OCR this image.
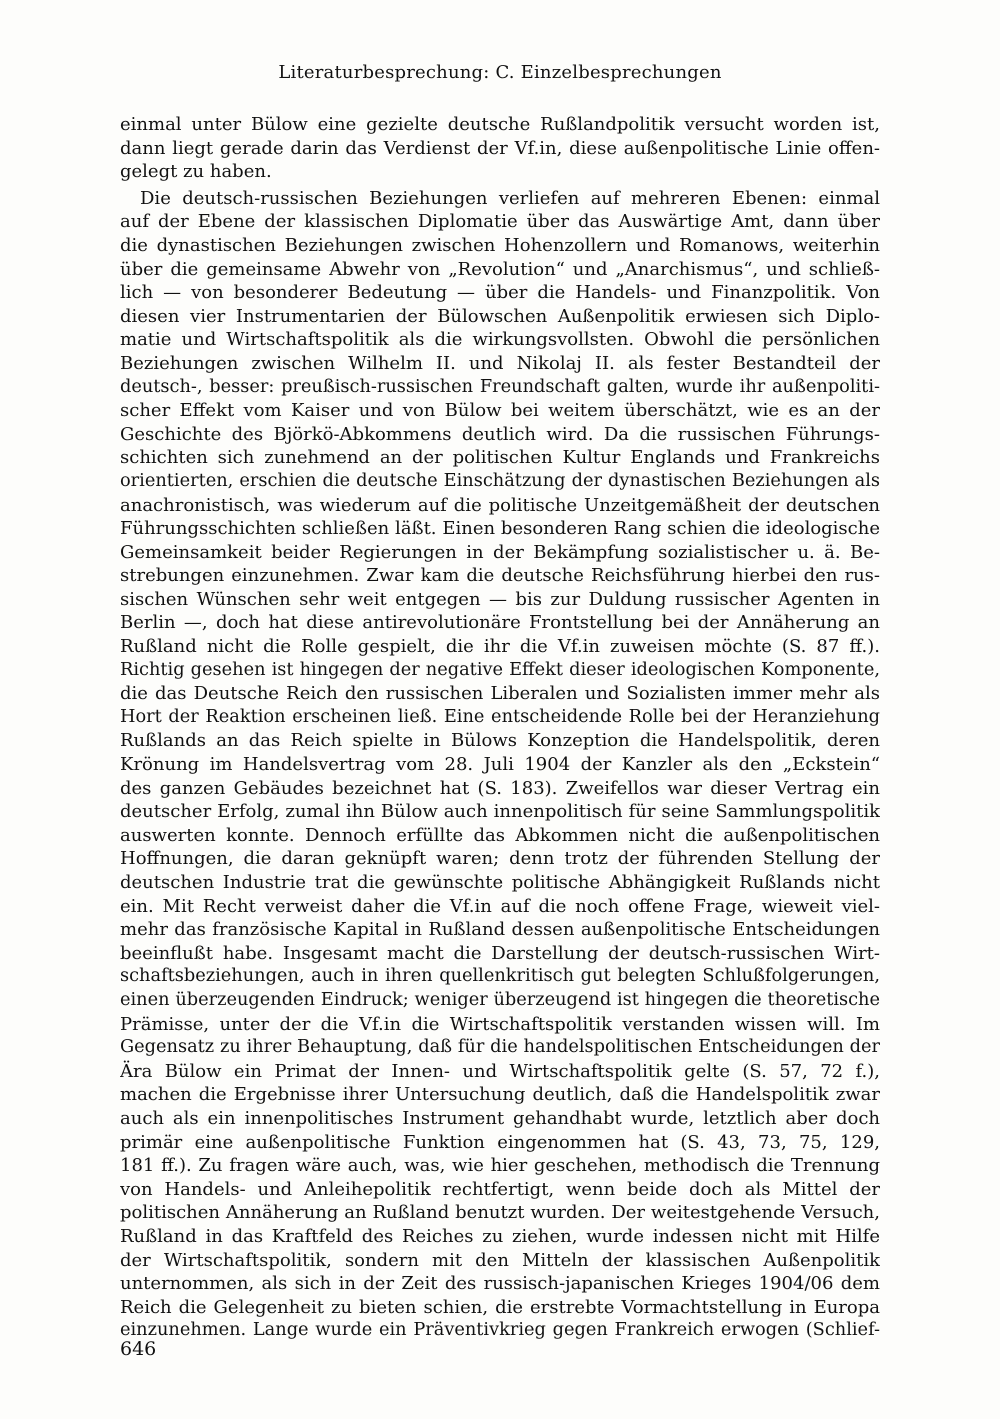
Literaturbesprechung: C. Einzelbesprechungen
einmal unter Bülow eine gezielte deutsche Rußlandpolitik versucht worden ist,
dann liegt gerade darin das Verdienst der Vf.in, diese außenpolitische Linie offen-
gelegt zu haben.
Die deutsch-russischen Beziehungen verliefen auf mehreren Ebenen: einmal
auf der Ebene der klassischen Diplomatie über das Auswärtige Amt, dann über
die dynastischen Beziehungen zwischen Hohenzollern und Romanows, weiterhin
über die gemeinsame Abwehr von „Revolution“ und „Anarchismus“, und schließ-
lich — von besonderer Bedeutung — über die Handels- und Finanzpolitik. Von
diesen vier Instrumentarien der Bülowschen Außenpolitik erwiesen sich Diplo-
matie und Wirtschaftspolitik als die wirkungsvollsten. Obwohl die persönlichen
Beziehungen zwischen Wilhelm II. und Nikolaj II. als fester Bestandteil der
deutsch-, besser: preußisch-russischen Freundschaft galten, wurde ihr außenpoliti-
scher Effekt vom Kaiser und von Bülow bei weitem überschätzt, wie es an der
Geschichte des Björkö-Abkommens deutlich wird. Da die russischen Führungs-
schichten sich zunehmend an der politischen Kultur Englands und Frankreichs
orientierten, erschien die deutsche Einschätzung der dynastischen Beziehungen als
anachronistisch, was wiederum auf die politische Unzeitgemäßheit der deutschen
Führungsschichten schließen läßt. Einen besonderen Rang schien die ideologische
Gemeinsamkeit beider Regierungen in der Bekämpfung sozialistischer u. ä. Be-
strebungen einzunehmen. Zwar kam die deutsche Reichsführung hierbei den rus-
sischen Wünschen sehr weit entgegen — bis zur Duldung russischer Agenten in
Berlin —, doch hat diese antirevolutionäre Frontstellung bei der Annäherung an
Rußland nicht die Rolle gespielt, die ihr die Vf.in zuweisen möchte (S. 87 ff.).
Richtig gesehen ist hingegen der negative Effekt dieser ideologischen Komponente,
die das Deutsche Reich den russischen Liberalen und Sozialisten immer mehr als
Hort der Reaktion erscheinen ließ. Eine entscheidende Rolle bei der Heranziehung
Rußlands an das Reich spielte in Bülows Konzeption die Handelspolitik, deren
Krönung im Handelsvertrag vom 28. Juli 1904 der Kanzler als den „Eckstein“
des ganzen Gebäudes bezeichnet hat (S. 183). Zweifellos war dieser Vertrag ein
deutscher Erfolg, zumal ihn Bülow auch innenpolitisch für seine Sammlungspolitik
auswerten konnte. Dennoch erfüllte das Abkommen nicht die außenpolitischen
Hoffnungen, die daran geknüpft waren; denn trotz der führenden Stellung der
deutschen Industrie trat die gewünschte politische Abhängigkeit Rußlands nicht
ein. Mit Recht verweist daher die Vf.in auf die noch offene Frage, wieweit viel-
mehr das französische Kapital in Rußland dessen außenpolitische Entscheidungen
beeinflußt habe. Insgesamt macht die Darstellung der deutsch-russischen Wirt-
schaftsbeziehungen, auch in ihren quellenkritisch gut belegten Schlußfolgerungen,
einen überzeugenden Eindruck; weniger überzeugend ist hingegen die theoretische
Prämisse, unter der die Vf.in die Wirtschaftspolitik verstanden wissen will. Im
Gegensatz zu ihrer Behauptung, daß für die handelspolitischen Entscheidungen der
Ära Bülow ein Primat der Innen- und Wirtschaftspolitik gelte (S. 57, 72 f.),
machen die Ergebnisse ihrer Untersuchung deutlich, daß die Handelspolitik zwar
auch als ein innenpolitisches Instrument gehandhabt wurde, letztlich aber doch
primär eine außenpolitische Funktion eingenommen hat (S. 43, 73, 75, 129,
181 ff.). Zu fragen wäre auch, was, wie hier geschehen, methodisch die Trennung
von Handels- und Anleihepolitik rechtfertigt, wenn beide doch als Mittel der
politischen Annäherung an Rußland benutzt wurden. Der weitestgehende Versuch,
Rußland in das Kraftfeld des Reiches zu ziehen, wurde indessen nicht mit Hilfe
der Wirtschaftspolitik, sondern mit den Mitteln der klassischen Außenpolitik
unternommen, als sich in der Zeit des russisch-japanischen Krieges 1904/06 dem
Reich die Gelegenheit zu bieten schien, die erstrebte Vormachtstellung in Europa
einzunehmen. Lange wurde ein Präventivkrieg gegen Frankreich erwogen (Schlief-
646
